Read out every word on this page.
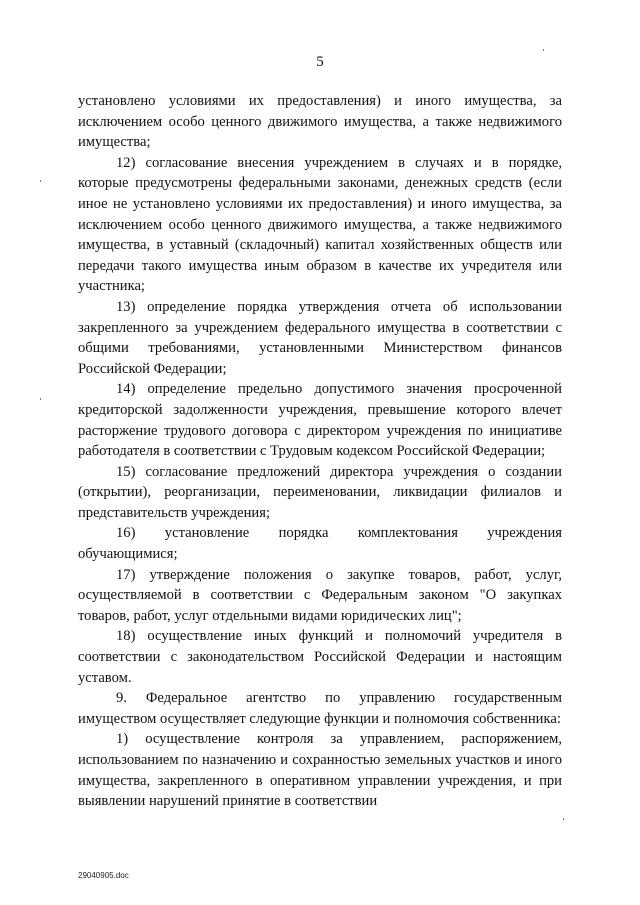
5

установлено условиями их предоставления) и иного имущества, за исключением особо ценного движимого имущества, а также недвижимого имущества;

12) согласование внесения учреждением в случаях и в порядке, которые предусмотрены федеральными законами, денежных средств (если иное не установлено условиями их предоставления) и иного имущества, за исключением особо ценного движимого имущества, а также недвижимого имущества, в уставный (складочный) капитал хозяйственных обществ или передачи такого имущества иным образом в качестве их учредителя или участника;

13) определение порядка утверждения отчета об использовании закрепленного за учреждением федерального имущества в соответствии с общими требованиями, установленными Министерством финансов Российской Федерации;

14) определение предельно допустимого значения просроченной кредиторской задолженности учреждения, превышение которого влечет расторжение трудового договора с директором учреждения по инициативе работодателя в соответствии с Трудовым кодексом Российской Федерации;

15) согласование предложений директора учреждения о создании (открытии), реорганизации, переименовании, ликвидации филиалов и представительств учреждения;

16) установление порядка комплектования учреждения обучающимися;

17) утверждение положения о закупке товаров, работ, услуг, осуществляемой в соответствии с Федеральным законом "О закупках товаров, работ, услуг отдельными видами юридических лиц";

18) осуществление иных функций и полномочий учредителя в соответствии с законодательством Российской Федерации и настоящим уставом.

9. Федеральное агентство по управлению государственным имуществом осуществляет следующие функции и полномочия собственника:

1) осуществление контроля за управлением, распоряжением, использованием по назначению и сохранностью земельных участков и иного имущества, закрепленного в оперативном управлении учреждения, и при выявлении нарушений принятие в соответствии

29040905.doc
